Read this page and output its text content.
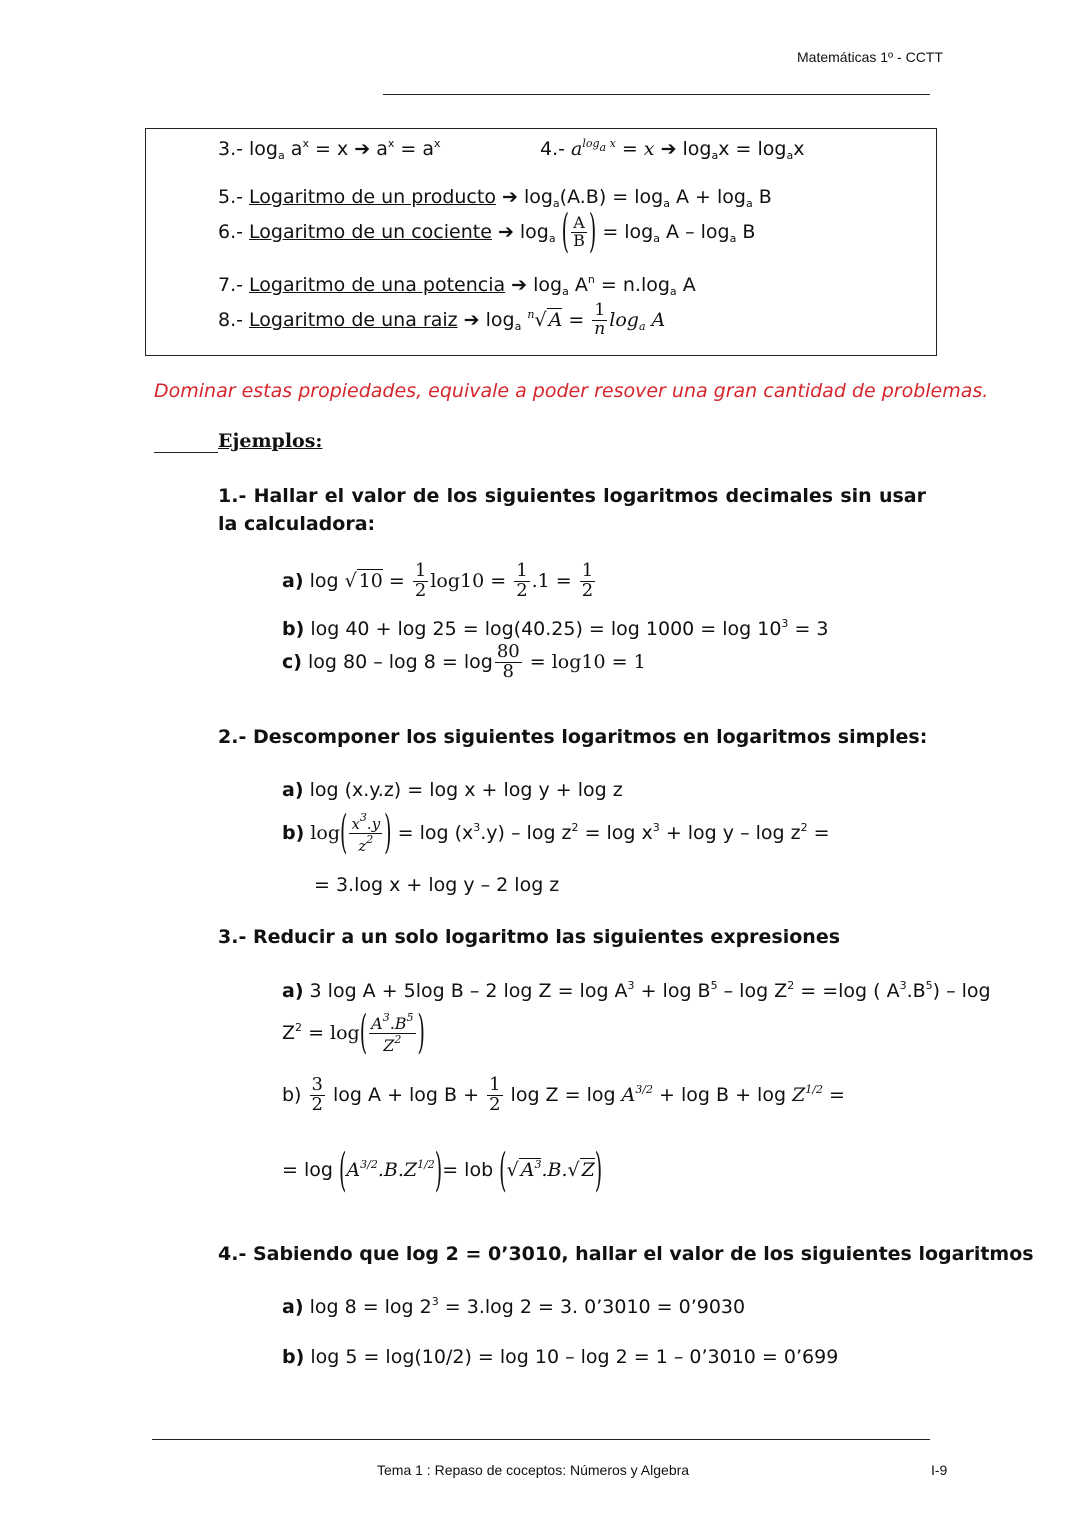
Matemáticas 1º - CCTT
3.- $\log_a a^x = x$ ➔ $a^x = a^x$	4.- $a^{log_a x} = x$ ➔ $\log_ax = \log_ax$
5.- Logaritmo de un producto ➔ $\log_a(A.B) = \log_a A + \log_a B$
6.- Logaritmo de un cociente ➔ $\log_a$ ( $\frac{A}{B}$ ) = $\log_a A - \log_a B$
7.- Logaritmo de una potencia ➔ $\log_a A^n = n.\log_a$ A
8.- Logaritmo de una raiz ➔ $\log_a ^n√$ $A = \frac{1}{n} \log_a A$
Dominar estas propiedades, equivale a poder resover una gran cantidad de problemas.
Ejemplos:
1.- Hallar el valor de los siguientes logaritmos decimales sin usar la calculadora:
a) log √ $10 = \frac{1}{2} \log 10 = \frac{1}{2} .1 = \frac{1}{2}$
b) $\log 40 + \log 25 = \log(40.25) = \log 1000 = \log 10^3 = 3$
c) $\log 80 - \log 8 = \log \frac{80}{8} = \log 10 = 1$
2.- Descomponer los siguientes logaritmos en logaritmos simples:
a) log (x.y.z) = log x + log y + log z
b) $\log( \frac{x^3.y}{z^2}$ ) = $\log (x^3.y) - \log z^2 = \log x^3 + \log y - \log z^2$ =
= 3.log x + log y – 2 log z
3.- Reducir a un solo logaritmo las siguientes expresiones
a) 3 log A + 5log B – 2 $\log Z = \log A^3 + \log B^5 - \log Z^2 = =\log$ ( $A^3.B^5$) – log
$Z^2 = \log( \frac{A^3.B^5}{Z^2}$ )
$b) \frac{3}{2}$ $\log A + \log B + \frac{1}{2}$ $\log Z = \log A^{3/2} + \log B + \log Z^{1/2}$ =
= $\log (A^{3/2}.B.Z^{1/2})=$ lob (√ $A^3.B.√$ Z)
4.- Sabiendo que log 2 = 0’3010, hallar el valor de los siguientes logaritmos
a) $\log 8 = \log 2^3 = 3.\log$ 2 = 3. 0’3010 = 0’9030
b) log 5 = log(10/2) = log 10 – log 2 = 1 – 0’3010 = 0’699
Tema 1 : Repaso de coceptos: Números y Algebra	I-9
